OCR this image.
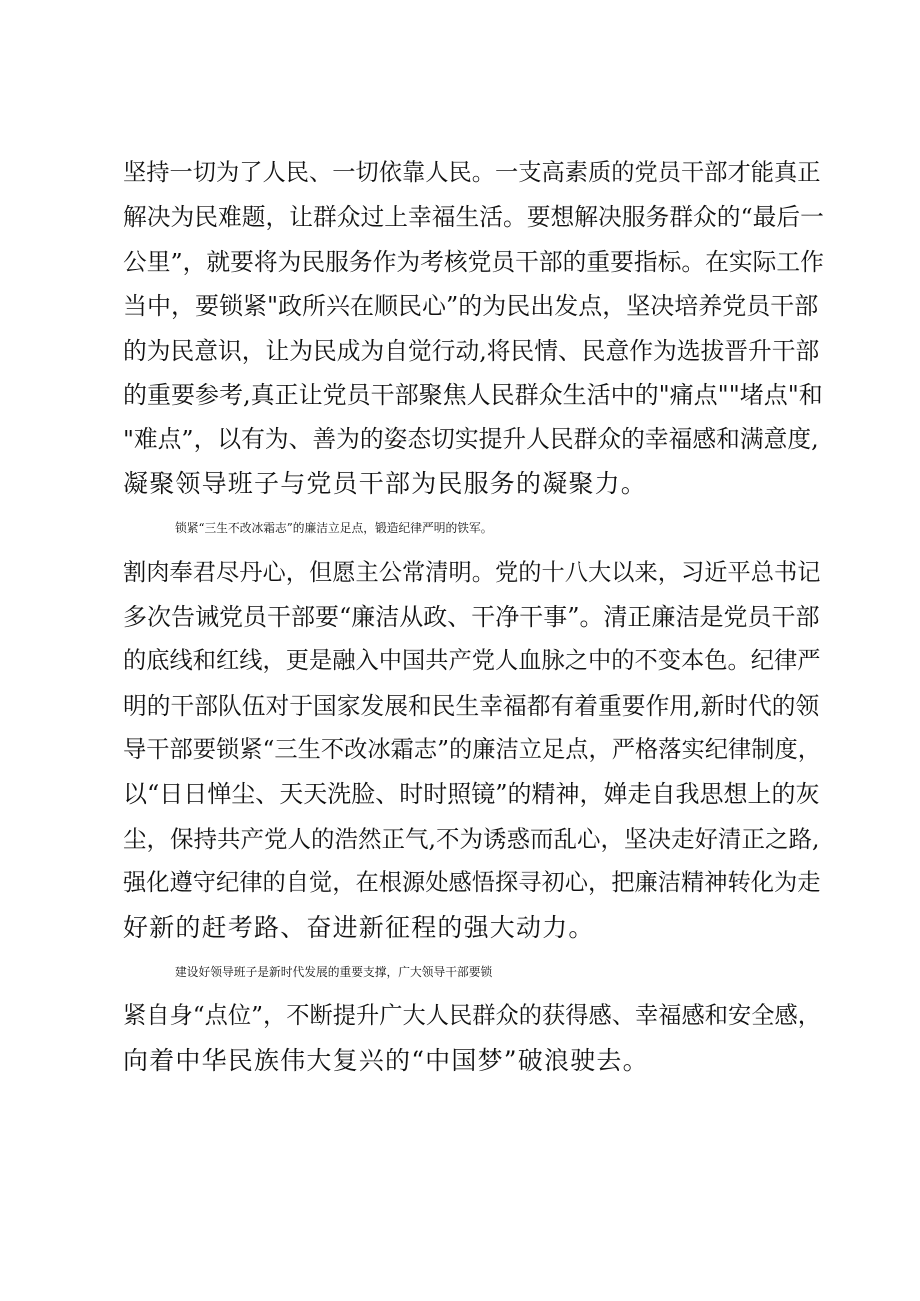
坚持一切为了人民、一切依靠人民。一支高素质的党员干部才能真正
解决为民难题，让群众过上幸福生活。要想解决服务群众的“最后一
公里”，就要将为民服务作为考核党员干部的重要指标。在实际工作
当中，要锁紧"政所兴在顺民心”的为民出发点，坚决培养党员干部
的为民意识，让为民成为自觉行动,将民情、民意作为选拔晋升干部
的重要参考,真正让党员干部聚焦人民群众生活中的"痛点""堵点"和
"难点”，以有为、善为的姿态切实提升人民群众的幸福感和满意度,
凝聚领导班子与党员干部为民服务的凝聚力。
锁紧“三生不改冰霜志”的廉洁立足点，锻造纪律严明的铁军。
割肉奉君尽丹心，但愿主公常清明。党的十八大以来，习近平总书记
多次告诫党员干部要“廉洁从政、干净干事”。清正廉洁是党员干部
的底线和红线，更是融入中国共产党人血脉之中的不变本色。纪律严
明的干部队伍对于国家发展和民生幸福都有着重要作用,新时代的领
导干部要锁紧“三生不改冰霜志”的廉洁立足点，严格落实纪律制度，
以“日日惮尘、天天洗脸、时时照镜”的精神，婵走自我思想上的灰
尘，保持共产党人的浩然正气,不为诱惑而乱心，坚决走好清正之路,
强化遵守纪律的自觉，在根源处感悟探寻初心，把廉洁精神转化为走
好新的赶考路、奋进新征程的强大动力。
建设好领导班子是新时代发展的重要支撑，广大领导干部要锁
紧自身“点位”，不断提升广大人民群众的获得感、幸福感和安全感，
向着中华民族伟大复兴的“中国梦”破浪驶去。
